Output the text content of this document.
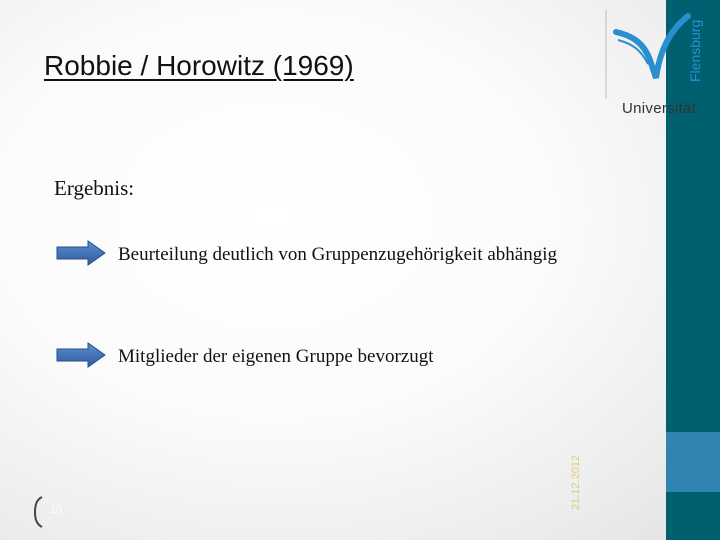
Flensburg
Universität
Robbie / Horowitz (1969)
Ergebnis:
Beurteilung deutlich von Gruppenzugehörigkeit abhängig
Mitglieder der eigenen Gruppe bevorzugt
10	21.12.2012
